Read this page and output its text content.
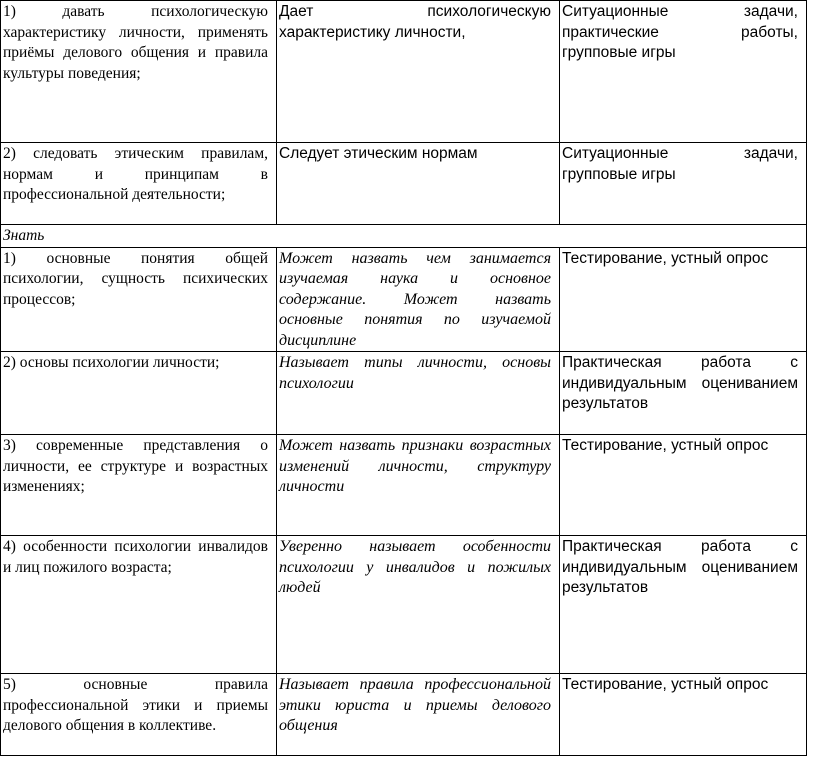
1) давать психологическую характеристику личности, применять приёмы делового общения и правила культуры поведения;	Дает психологическую характеристику личности,	Ситуационные задачи, практические работы, групповые игры
2) следовать этическим правилам, нормам и принципам в профессиональной деятельности;	Следует этическим нормам	Ситуационные задачи, групповые игры
Знать		
1) основные понятия общей психологии, сущность психических процессов;	Может назвать чем занимается изучаемая наука и основное содержание. Может назвать основные понятия по изучаемой дисциплине	Тестирование, устный опрос
2) основы психологии личности;	Называет типы личности, основы психологии	Практическая работа с индивидуальным оцениванием результатов
3) современные представления о личности, ее структуре и возрастных изменениях;	Может назвать признаки возрастных изменений личности, структуру личности	Тестирование, устный опрос
4) особенности психологии инвалидов и лиц пожилого возраста;	Уверенно называет особенности психологии у инвалидов и пожилых людей	Практическая работа с индивидуальным оцениванием результатов
5) основные правила профессиональной этики и приемы делового общения в коллективе.	Называет правила профессиональной этики юриста и приемы делового общения	Тестирование, устный опрос
